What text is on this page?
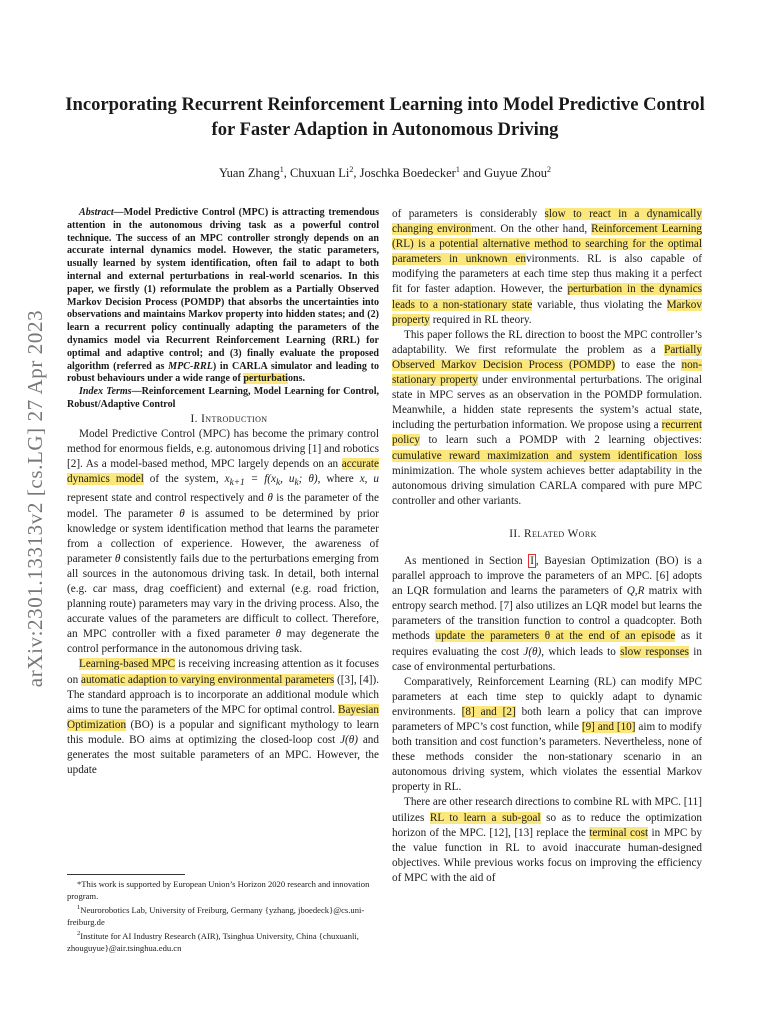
arXiv:2301.13313v2 [cs.LG] 27 Apr 2023
Incorporating Recurrent Reinforcement Learning into Model Predictive Control for Faster Adaption in Autonomous Driving
Yuan Zhang$^1$, Chuxuan Li$^2$, Joschka Boedecker$^1$ and Guyue Zhou$^2$

Abstract—Model Predictive Control (MPC) is attracting tremendous attention in the autonomous driving task as a powerful control technique. The success of an MPC controller strongly depends on an accurate internal dynamics model. However, the static parameters, usually learned by system identification, often fail to adapt to both internal and external perturbations in real-world scenarios. In this paper, we firstly (1) reformulate the problem as a Partially Observed Markov Decision Process (POMDP) that absorbs the uncertainties into observations and maintains Markov property into hidden states; and (2) learn a recurrent policy continually adapting the parameters of the dynamics model via Recurrent Reinforcement Learning (RRL) for optimal and adaptive control; and (3) finally evaluate the proposed algorithm (referred as MPC-RRL) in CARLA simulator and leading to robust behaviours under a wide range of perturbations.

Index Terms—Reinforcement Learning, Model Learning for Control, Robust/Adaptive Control

I. Introduction

Model Predictive Control (MPC) has become the primary control method for enormous fields, e.g. autonomous driving [1] and robotics [2]. As a model-based method, MPC largely depends on an accurate dynamics model of the system, $x_{k+1} = f(x_k$, $u_k$; θ), where x, u represent state and control respectively and θ is the parameter of the model. The parameter θ is assumed to be determined by prior knowledge or system identification method that learns the parameter from a collection of experience. However, the awareness of parameter θ consistently fails due to the perturbations emerging from all sources in the autonomous driving task. In detail, both internal (e.g. car mass, drag coefficient) and external (e.g. road friction, planning route) parameters may vary in the driving process. Also, the accurate values of the parameters are difficult to collect. Therefore, an MPC controller with a fixed parameter θ may degenerate the control performance in the autonomous driving task.

Learning-based MPC is receiving increasing attention as it focuses on automatic adaption to varying environmental parameters ([3], [4]). The standard approach is to incorporate an additional module which aims to tune the parameters of the MPC for optimal control. Bayesian Optimization (BO) is a popular and significant mythology to learn this module. BO aims at optimizing the closed-loop cost J(θ) and generates the most suitable parameters of an MPC. However, the update

*This work is supported by European Union’s Horizon 2020 research and innovation program.

$^1$Neurorobotics Lab, University of Freiburg, Germany {yzhang, jboedeck}@cs.uni-freiburg.de

$^2$Institute for AI Industry Research (AIR), Tsinghua University, China {chuxuanli, zhouguyue}@air.tsinghua.edu.cn

of parameters is considerably slow to react in a dynamically changing environment. On the other hand, Reinforcement Learning (RL) is a potential alternative method to searching for the optimal parameters in unknown environments. RL is also capable of modifying the parameters at each time step thus making it a perfect fit for faster adaption. However, the perturbation in the dynamics leads to a non-stationary state variable, thus violating the Markov property required in RL theory.

This paper follows the RL direction to boost the MPC controller’s adaptability. We first reformulate the problem as a Partially Observed Markov Decision Process (POMDP) to ease the non-stationary property under environmental perturbations. The original state in MPC serves as an observation in the POMDP formulation. Meanwhile, a hidden state represents the system’s actual state, including the perturbation information. We propose using a recurrent policy to learn such a POMDP with 2 learning objectives: cumulative reward maximization and system identification loss minimization. The whole system achieves better adaptability in the autonomous driving simulation CARLA compared with pure MPC controller and other variants.

II. Related Work

As mentioned in Section I , Bayesian Optimization (BO) is a parallel approach to improve the parameters of an MPC. [6] adopts an LQR formulation and learns the parameters of Q,R matrix with entropy search method. [7] also utilizes an LQR model but learns the parameters of the transition function to control a quadcopter. Both methods update the parameters θ at the end of an episode as it requires evaluating the cost J(θ), which leads to slow responses in case of environmental perturbations.

Comparatively, Reinforcement Learning (RL) can modify MPC parameters at each time step to quickly adapt to dynamic environments. [8] and [2] both learn a policy that can improve parameters of MPC’s cost function, while [9] and [10] aim to modify both transition and cost function’s parameters. Nevertheless, none of these methods consider the non-stationary scenario in an autonomous driving system, which violates the essential Markov property in RL.

There are other research directions to combine RL with MPC. [11] utilizes RL to learn a sub-goal so as to reduce the optimization horizon of the MPC. [12], [13] replace the terminal cost in MPC by the value function in RL to avoid inaccurate human-designed objectives. While previous works focus on improving the efficiency of MPC with the aid of
